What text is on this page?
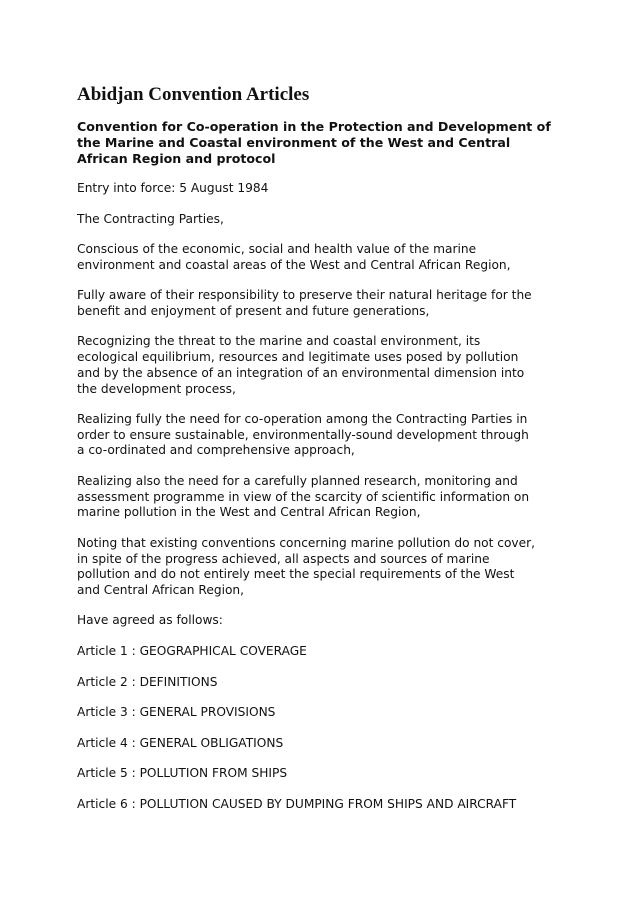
Abidjan Convention Articles
Convention for Co-operation in the Protection and Development of
the Marine and Coastal environment of the West and Central
African Region and protocol

Entry into force: 5 August 1984

The Contracting Parties,

Conscious of the economic, social and health value of the marine
environment and coastal areas of the West and Central African Region,

Fully aware of their responsibility to preserve their natural heritage for the
benefit and enjoyment of present and future generations,

Recognizing the threat to the marine and coastal environment, its
ecological equilibrium, resources and legitimate uses posed by pollution
and by the absence of an integration of an environmental dimension into
the development process,

Realizing fully the need for co-operation among the Contracting Parties in
order to ensure sustainable, environmentally-sound development through
a co-ordinated and comprehensive approach,

Realizing also the need for a carefully planned research, monitoring and
assessment programme in view of the scarcity of scientific information on
marine pollution in the West and Central African Region,

Noting that existing conventions concerning marine pollution do not cover,
in spite of the progress achieved, all aspects and sources of marine
pollution and do not entirely meet the special requirements of the West
and Central African Region,

Have agreed as follows:

Article 1 : GEOGRAPHICAL COVERAGE

Article 2 : DEFINITIONS

Article 3 : GENERAL PROVISIONS

Article 4 : GENERAL OBLIGATIONS

Article 5 : POLLUTION FROM SHIPS

Article 6 : POLLUTION CAUSED BY DUMPING FROM SHIPS AND AIRCRAFT
